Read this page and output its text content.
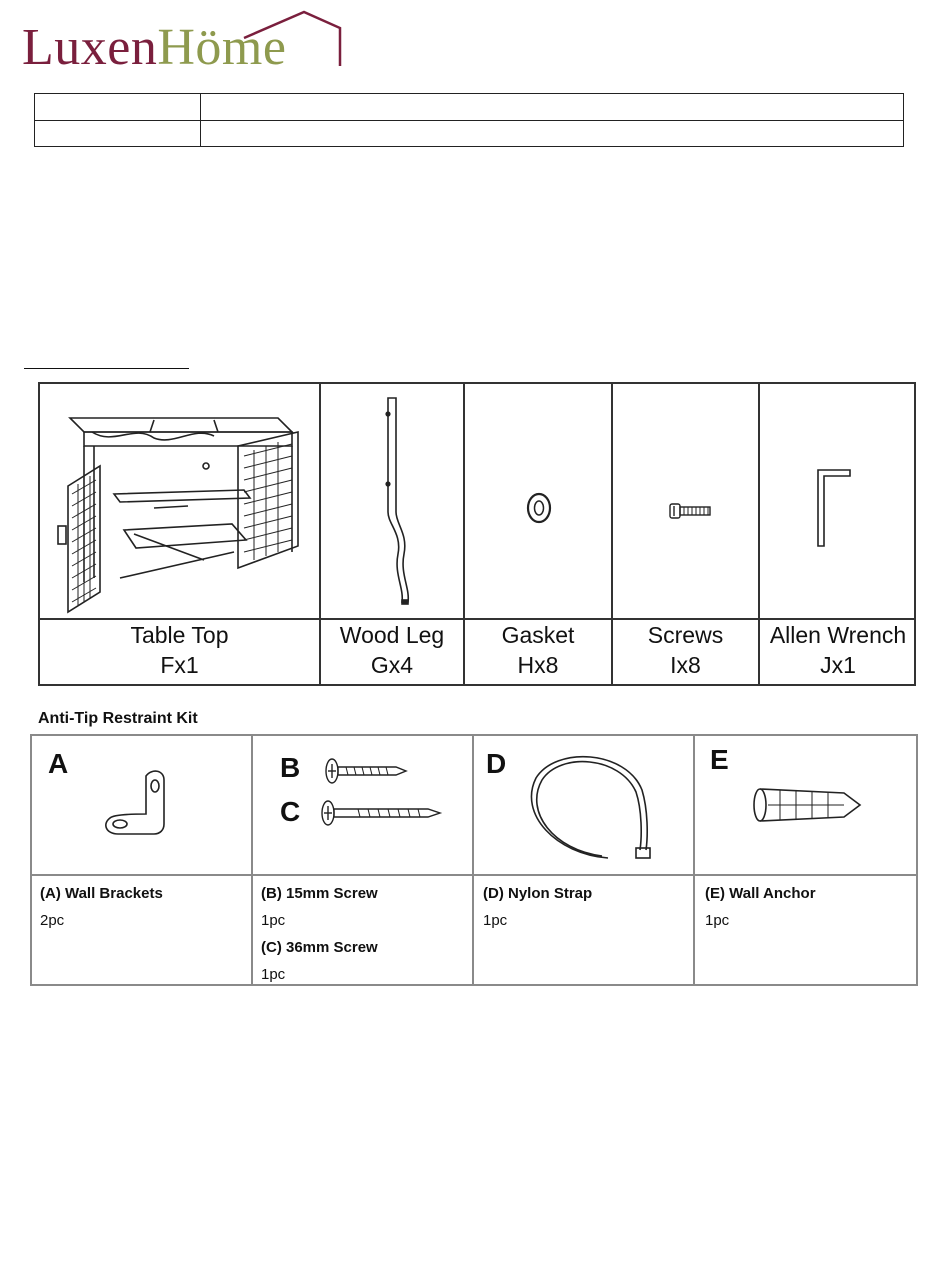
LuxenHöme
Table Top
Fx1
Wood Leg
Gx4
Gasket
Hx8
Screws
Ix8
Allen Wrench
Jx1
Anti-Tip Restraint Kit
A	B
C
D	E
(A) Wall Brackets
2pc
(B) 15mm Screw
1pc
(C) 36mm Screw
1pc
(D) Nylon Strap
1pc
(E) Wall Anchor
1pc
